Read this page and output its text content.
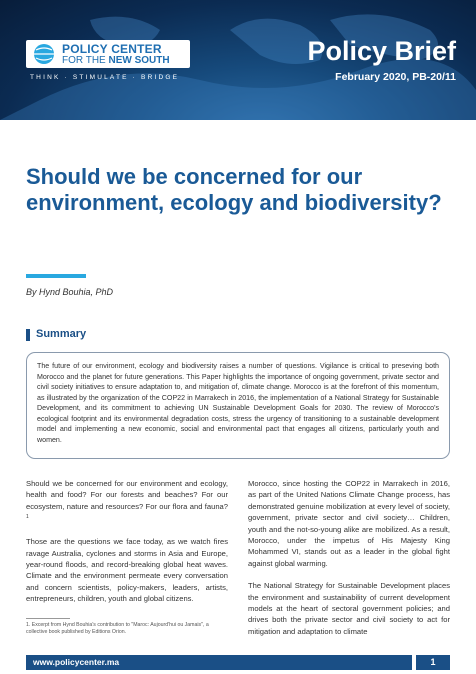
POLICY CENTER
FOR THE NEW SOUTH
THINK · STIMULATE · BRIDGE
Policy Brief
February 2020, PB-20/11
Should we be concerned for our environment, ecology and biodiversity?
By Hynd Bouhia, PhD
Summary

The future of our environment, ecology and biodiversity raises a number of questions. Vigilance is critical to preseving both Morocco and the planet for future generations. This Paper highlights the importance of ongoing government, private sector and civil society initiatives to ensure adaptation to, and mitigation of, climate change. Morocco is at the forefront of this momentum, as illustrated by the organization of the COP22 in Marrakech in 2016, the implementation of a National Strategy for Sustainable Development, and its commitment to achieving UN Sustainable Development Goals for 2030. The review of Morocco's ecological footprint and its environmental degradation costs, stress the urgency of transitioning to a sustainable development model and implementing a new economic, social and environmental pact that engages all citizens, particularly youth and women.

Should we be concerned for our environment and ecology, health and food? For our forests and beaches? For our ecosystem, nature and resources? For our flora and fauna?$^1$

Those are the questions we face today, as we watch fires ravage Australia, cyclones and storms in Asia and Europe, year-round floods, and record-breaking global heat waves. Climate and the environment permeate every conversation and concern scientists, policy-makers, leaders, artists, entrepreneurs, children, youth and global citizens.

Morocco, since hosting the COP22 in Marrakech in 2016, as part of the United Nations Climate Change process, has demonstrated genuine mobilization at every level of society, government, private sector and civil society… Children, youth and the not-so-young alike are mobilized. As a result, Morocco, under the impetus of His Majesty King Mohammed VI, stands out as a leader in the global fight against global warming.

The National Strategy for Sustainable Development places the environment and sustainability of current development models at the heart of sectoral government policies; and drives both the private sector and civil society to act for mitigation and adaptation to climate

1. Excerpt from Hynd Bouhia's contribution to "Maroc: Aujourd'hui ou Jamais", a collective book published by Editions Orion.
www.policycenter.ma	1
